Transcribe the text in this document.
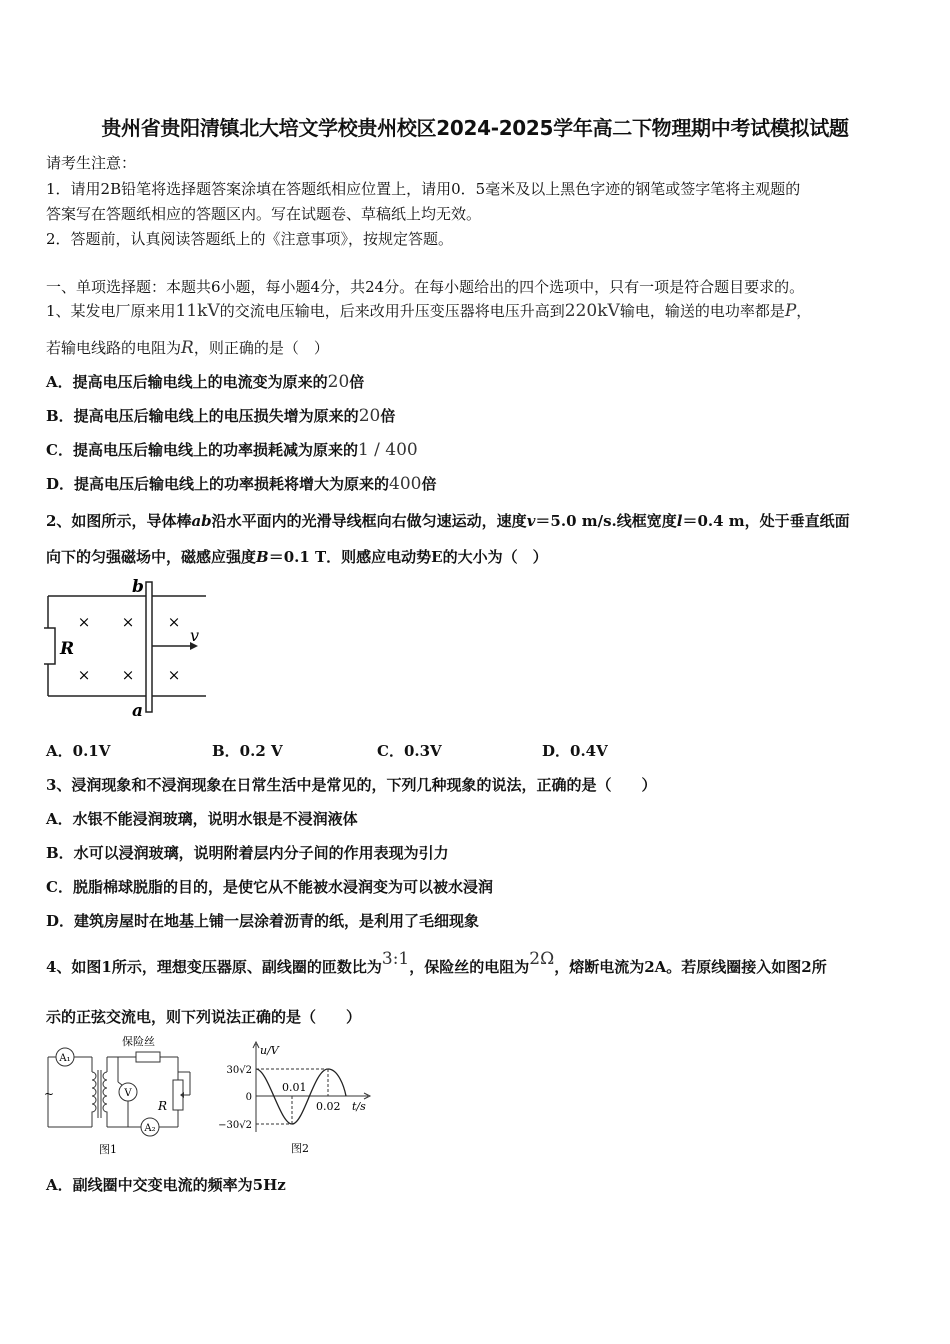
贵州省贵阳清镇北大培文学校贵州校区2024-2025学年高二下物理期中考试模拟试题
请考生注意：
1．请用2B铅笔将选择题答案涂填在答题纸相应位置上，请用0．5毫米及以上黑色字迹的钢笔或签字笔将主观题的
答案写在答题纸相应的答题区内。写在试题卷、草稿纸上均无效。
2．答题前，认真阅读答题纸上的《注意事项》，按规定答题。
一、单项选择题：本题共6小题，每小题4分，共24分。在每小题给出的四个选项中，只有一项是符合题目要求的。
1、某发电厂原来用11kV的交流电压输电，后来改用升压变压器将电压升高到220kV输电，输送的电功率都是P，
若输电线路的电阻为R，则正确的是（　）
A．提高电压后输电线上的电流变为原来的20倍
B．提高电压后输电线上的电压损失增为原来的20倍
C．提高电压后输电线上的功率损耗减为原来的1 / 400
D．提高电压后输电线上的功率损耗将增大为原来的400倍
2、如图所示，导体棒ab沿水平面内的光滑导线框向右做匀速运动，速度v＝5.0 m/s.线框宽度l＝0.4 m，处于垂直纸面
向下的匀强磁场中，磁感应强度B＝0.1 T．则感应电动势E的大小为（　）
R
b
a
v
× × ×
× × ×
A．0.1V	B．0.2 V	C．0.3V	D．0.4V
3、浸润现象和不浸润现象在日常生活中是常见的，下列几种现象的说法，正确的是（　　）
A．水银不能浸润玻璃，说明水银是不浸润液体
B．水可以浸润玻璃，说明附着层内分子间的作用表现为引力
C．脱脂棉球脱脂的目的，是使它从不能被水浸润变为可以被水浸润
D．建筑房屋时在地基上铺一层涂着沥青的纸，是利用了毛细现象
4、如图1所示，理想变压器原、副线圈的匝数比为3:1，保险丝的电阻为2Ω，熔断电流为2A。若原线圈接入如图2所
示的正弦交流电，则下列说法正确的是（　　）
A₁
A₂
V
R
保险丝
~
图1
u/V
t/s
30√2
0
−30√2
0.01
0.02
图2
A．副线圈中交变电流的频率为5Hz
